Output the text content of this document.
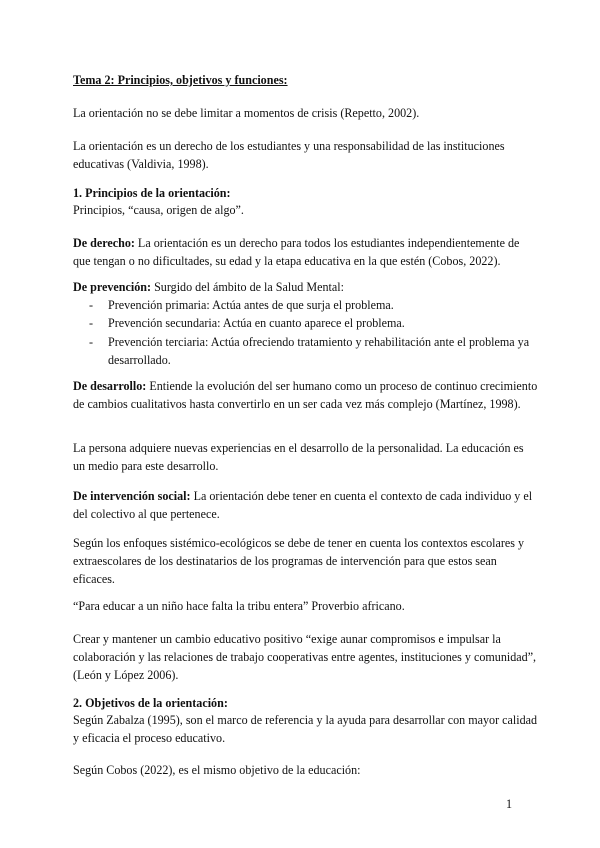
Tema 2: Principios, objetivos y funciones:

La orientación no se debe limitar a momentos de crisis (Repetto, 2002).

La orientación es un derecho de los estudiantes y una responsabilidad de las instituciones educativas (Valdivia, 1998).

1. Principios de la orientación:

Principios, “causa, origen de algo”.

De derecho: La orientación es un derecho para todos los estudiantes independientemente de que tengan o no dificultades, su edad y la etapa educativa en la que estén (Cobos, 2022).

De prevención: Surgido del ámbito de la Salud Mental:
- Prevención primaria: Actúa antes de que surja el problema.
- Prevención secundaria: Actúa en cuanto aparece el problema.
- Prevención terciaria: Actúa ofreciendo tratamiento y rehabilitación ante el problema ya desarrollado.

De desarrollo: Entiende la evolución del ser humano como un proceso de continuo crecimiento de cambios cualitativos hasta convertirlo en un ser cada vez más complejo (Martínez, 1998).

La persona adquiere nuevas experiencias en el desarrollo de la personalidad. La educación es un medio para este desarrollo.

De intervención social: La orientación debe tener en cuenta el contexto de cada individuo y el del colectivo al que pertenece.

Según los enfoques sistémico-ecológicos se debe de tener en cuenta los contextos escolares y extraescolares de los destinatarios de los programas de intervención para que estos sean eficaces.

“Para educar a un niño hace falta la tribu entera” Proverbio africano.

Crear y mantener un cambio educativo positivo “exige aunar compromisos e impulsar la colaboración y las relaciones de trabajo cooperativas entre agentes, instituciones y comunidad”, (León y López 2006).

2. Objetivos de la orientación:

Según Zabalza (1995), son el marco de referencia y la ayuda para desarrollar con mayor calidad y eficacia el proceso educativo.

Según Cobos (2022), es el mismo objetivo de la educación:

1
